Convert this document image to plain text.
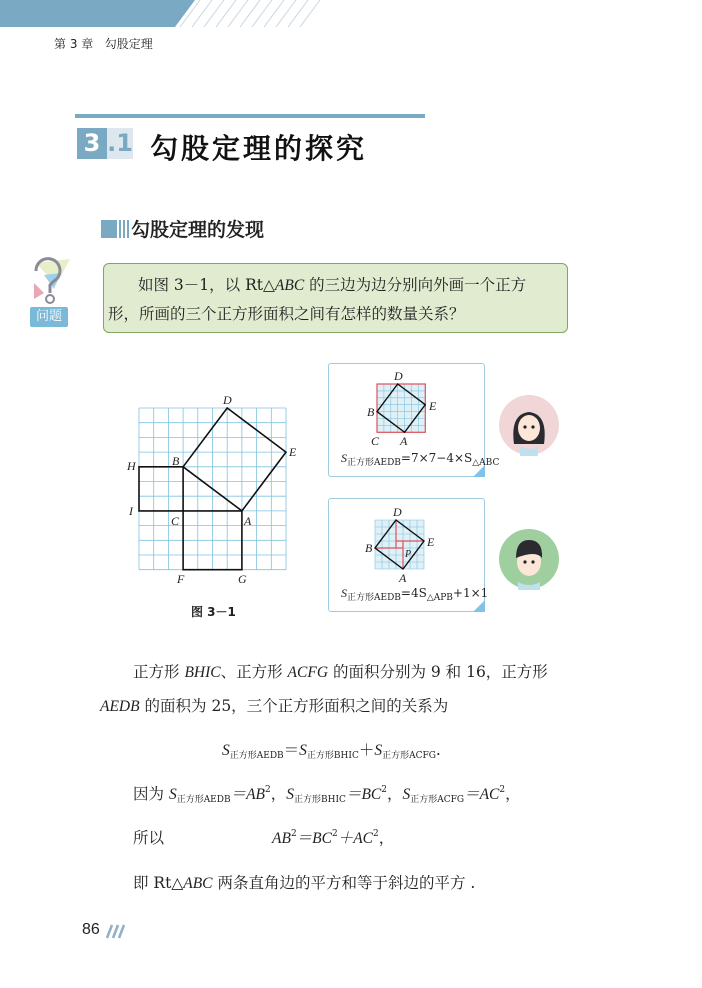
第 3 章 勾股定理
3 .1 勾股定理的探究
勾股定理的发现
问题
如图 3－1，以 Rt△ABC 的三边为边分别向外画一个正方
形，所画的三个正方形面积之间有怎样的数量关系？
D
E
B
H
I
C	A
F	G
图 3－1
D
E
B
C A
$S_{正方形AEDB}=7\times 7-4\times S_{\triangle ABC}$
D
E
B	P
A
$S_{正方形AEDB}=4S_{\triangle APB}+1\times 1$
正方形 BHIC、正方形 ACFG 的面积分别为 9 和 16，正方形
AEDB 的面积为 25，三个正方形面积之间的关系为
$S_{正方形AEDB}=S_{正方形BHIC}+S_{正方形ACFG}$.
因为 $S_{正方形AEDB}=AB^2$，$S_{正方形BHIC}=BC^2$，$S_{正方形ACFG}=AC^2$，
所以	$AB^2=BC^2+AC^2$，
即 Rt△ABC 两条直角边的平方和等于斜边的平方 .
86
